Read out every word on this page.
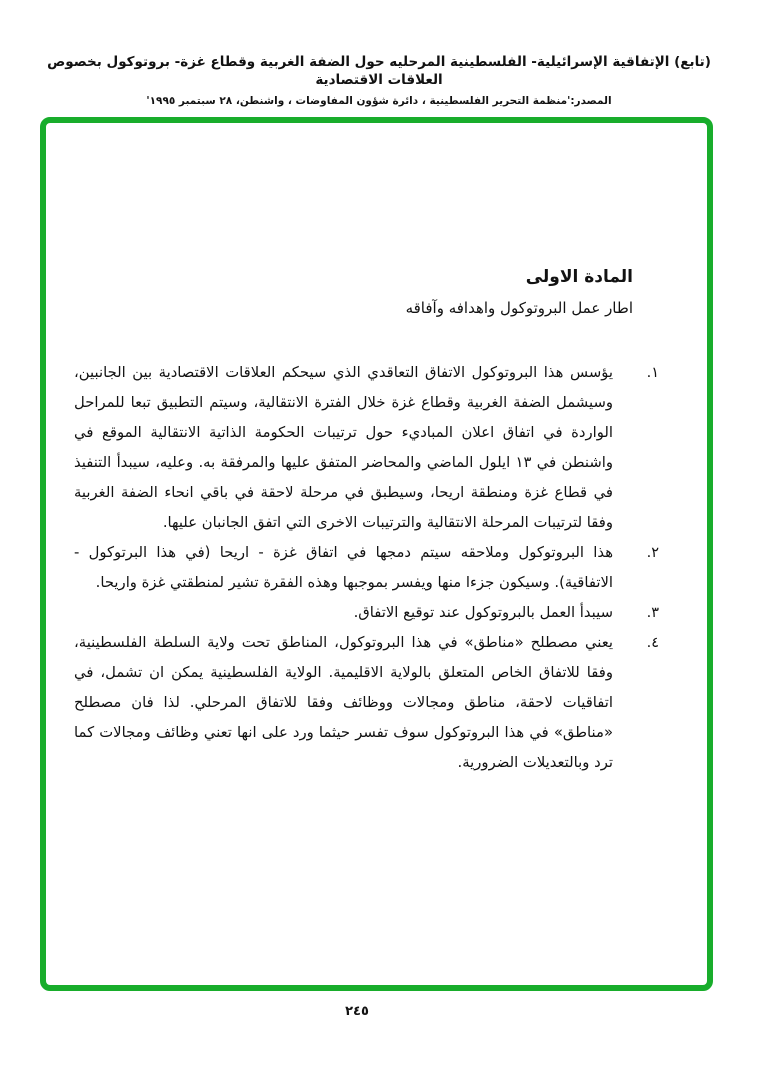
(تابع) الإتفاقية الإسرائيلية- الفلسطينية المرحليه حول الضفة الغربية وقطاع غزة- بروتوكول بخصوص العلاقات الاقتصادية
المصدر:'منظمة التحرير الفلسطينية ، دائرة شؤون المفاوضات ، واشنطن، ٢٨ سبتمبر ١٩٩٥'
المادة الاولى
اطار عمل البروتوكول واهدافه وآفاقه
١.

يؤسس هذا البروتوكول الاتفاق التعاقدي الذي سيحكم العلاقات الاقتصادية بين الجانبين، وسيشمل الضفة الغربية وقطاع غزة خلال الفترة الانتقالية، وسيتم التطبيق تبعا للمراحل الواردة في اتفاق اعلان المباديء حول ترتيبات الحكومة الذاتية الانتقالية الموقع في واشنطن في ١٣ ايلول الماضي والمحاضر المتفق عليها والمرفقة به. وعليه، سيبدأ التنفيذ في قطاع غزة ومنطقة اريحا، وسيطبق في مرحلة لاحقة في باقي انحاء الضفة الغربية وفقا لترتيبات المرحلة الانتقالية والترتيبات الاخرى التي اتفق الجانبان عليها.

٢.

هذا البروتوكول وملاحقه سيتم دمجها في اتفاق غزة - اريحا (في هذا البرتوكول - الاتفاقية). وسيكون جزءا منها ويفسر بموجبها وهذه الفقرة تشير لمنطقتي غزة واريحا.

٣.

سيبدأ العمل بالبروتوكول عند توقيع الاتفاق.

٤.

يعني مصطلح «مناطق» في هذا البروتوكول، المناطق تحت ولاية السلطة الفلسطينية، وفقا للاتفاق الخاص المتعلق بالولاية الاقليمية. الولاية الفلسطينية يمكن ان تشمل، في اتفاقيات لاحقة، مناطق ومجالات ووظائف وفقا للاتفاق المرحلي. لذا فان مصطلح «مناطق» في هذا البروتوكول سوف تفسر حيثما ورد على انها تعني وظائف ومجالات كما ترد وبالتعديلات الضرورية.

٢٤٥
